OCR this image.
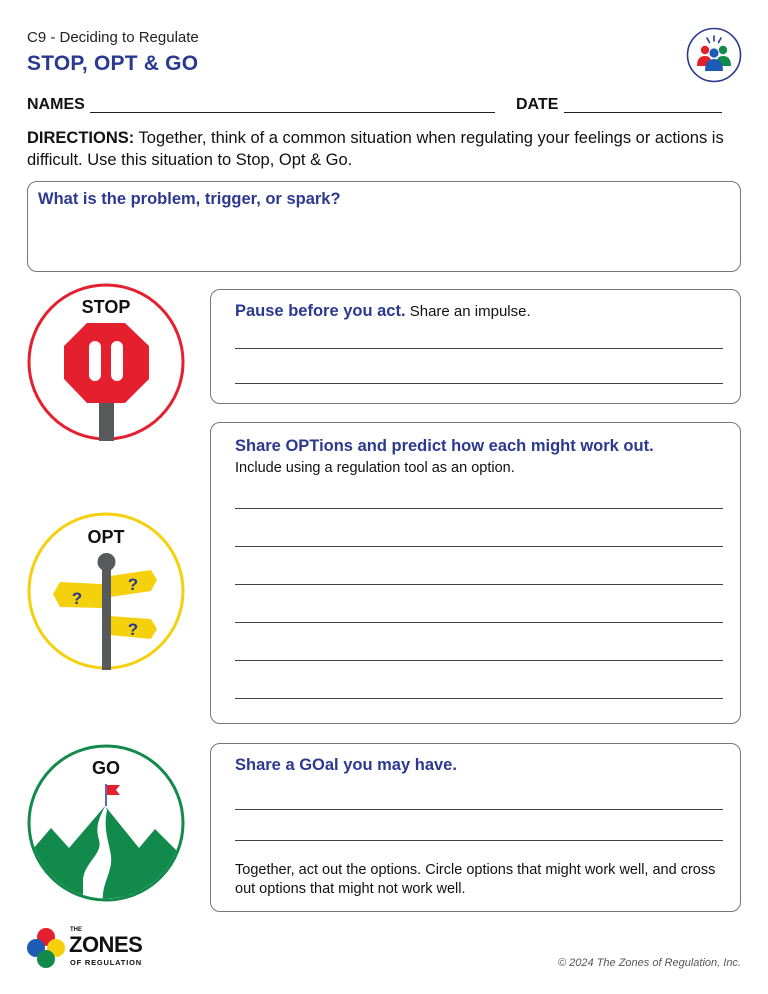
C9 - Deciding to Regulate
STOP, OPT & GO
NAMES	DATE
DIRECTIONS: Together, think of a common situation when regulating your feelings or actions is difficult. Use this situation to Stop, Opt & Go.
What is the problem, trigger, or spark?
STOP	Pause before you act. Share an impulse.
OPT
?
?
?
Share OPTions and predict how each might work out.
Include using a regulation tool as an option.
GO	Share a GOal you may have.
Together, act out the options. Circle options that might work well, and cross out options that might not work well.
THE
ZONES
OF REGULATION	© 2024 The Zones of Regulation, Inc.
